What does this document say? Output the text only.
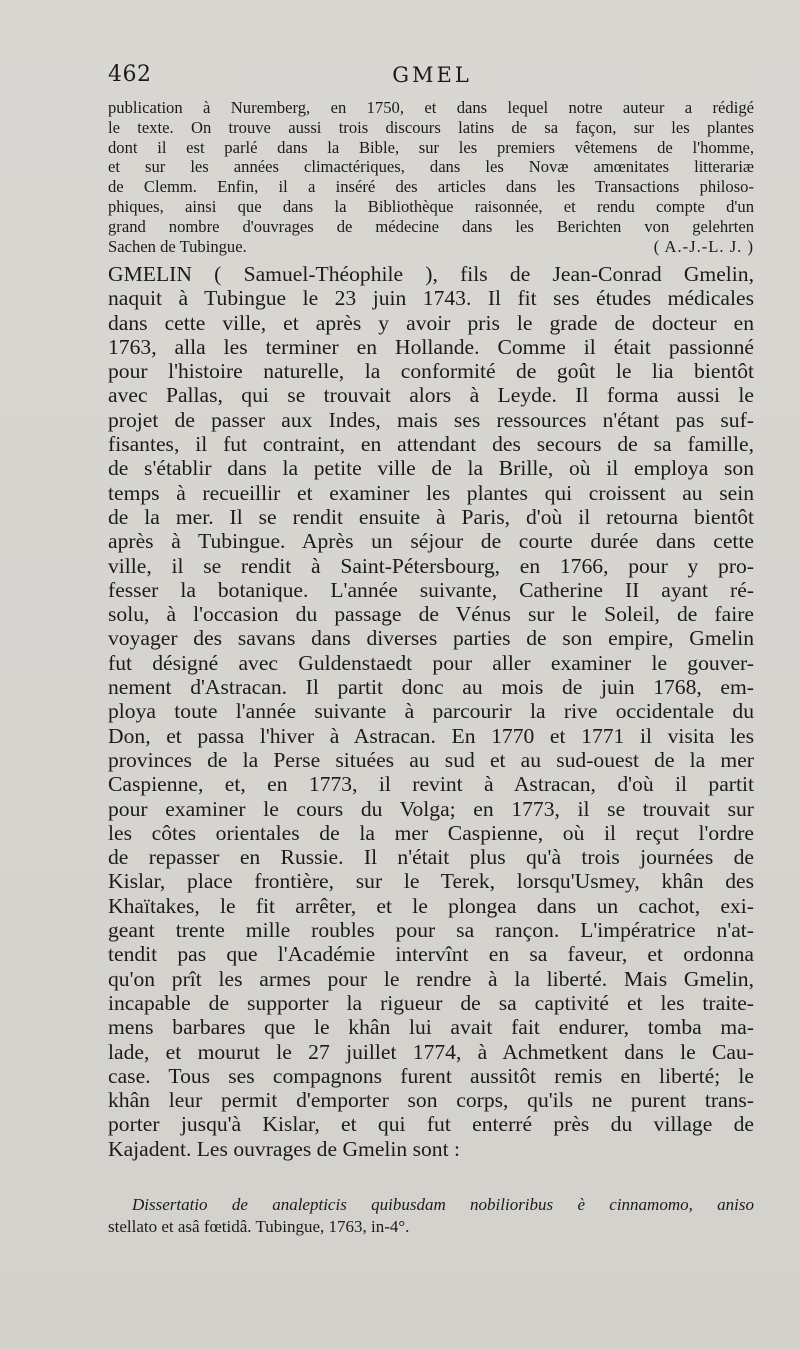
462	GMEL
publication à Nuremberg, en 1750, et dans lequel notre auteur a rédigé
le texte. On trouve aussi trois discours latins de sa façon, sur les plantes
dont il est parlé dans la Bible, sur les premiers vêtemens de l'homme,
et sur les années climactériques, dans les Novæ amœnitates litterariæ
de Clemm. Enfin, il a inséré des articles dans les Transactions philoso-
phiques, ainsi que dans la Bibliothèque raisonnée, et rendu compte d'un
grand nombre d'ouvrages de médecine dans les Berichten von gelehrten
Sachen de Tubingue.	( A.-J.-L. J. )
GMELIN ( Samuel-Théophile ), fils de Jean-Conrad Gmelin,
naquit à Tubingue le 23 juin 1743. Il fit ses études médicales
dans cette ville, et après y avoir pris le grade de docteur en
1763, alla les terminer en Hollande. Comme il était passionné
pour l'histoire naturelle, la conformité de goût le lia bientôt
avec Pallas, qui se trouvait alors à Leyde. Il forma aussi le
projet de passer aux Indes, mais ses ressources n'étant pas suf-
fisantes, il fut contraint, en attendant des secours de sa famille,
de s'établir dans la petite ville de la Brille, où il employa son
temps à recueillir et examiner les plantes qui croissent au sein
de la mer. Il se rendit ensuite à Paris, d'où il retourna bientôt
après à Tubingue. Après un séjour de courte durée dans cette
ville, il se rendit à Saint-Pétersbourg, en 1766, pour y pro-
fesser la botanique. L'année suivante, Catherine II ayant ré-
solu, à l'occasion du passage de Vénus sur le Soleil, de faire
voyager des savans dans diverses parties de son empire, Gmelin
fut désigné avec Guldenstaedt pour aller examiner le gouver-
nement d'Astracan. Il partit donc au mois de juin 1768, em-
ploya toute l'année suivante à parcourir la rive occidentale du
Don, et passa l'hiver à Astracan. En 1770 et 1771 il visita les
provinces de la Perse situées au sud et au sud-ouest de la mer
Caspienne, et, en 1773, il revint à Astracan, d'où il partit
pour examiner le cours du Volga; en 1773, il se trouvait sur
les côtes orientales de la mer Caspienne, où il reçut l'ordre
de repasser en Russie. Il n'était plus qu'à trois journées de
Kislar, place frontière, sur le Terek, lorsqu'Usmey, khân des
Khaïtakes, le fit arrêter, et le plongea dans un cachot, exi-
geant trente mille roubles pour sa rançon. L'impératrice n'at-
tendit pas que l'Académie intervînt en sa faveur, et ordonna
qu'on prît les armes pour le rendre à la liberté. Mais Gmelin,
incapable de supporter la rigueur de sa captivité et les traite-
mens barbares que le khân lui avait fait endurer, tomba ma-
lade, et mourut le 27 juillet 1774, à Achmetkent dans le Cau-
case. Tous ses compagnons furent aussitôt remis en liberté; le
khân leur permit d'emporter son corps, qu'ils ne purent trans-
porter jusqu'à Kislar, et qui fut enterré près du village de
Kajadent. Les ouvrages de Gmelin sont :
Dissertatio de analepticis quibusdam nobilioribus è cinnamomo, aniso
stellato et asâ fœtidâ. Tubingue, 1763, in-4°.
